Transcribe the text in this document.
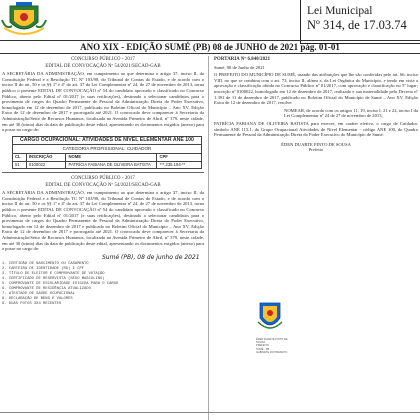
Lei Municipal
Nº 314, de 17.03.74
ANO XIX - EDIÇÃO SUMÉ (PB) 08 de JUNHO de 2021 pág. 01-01
CONCURSO PÚBLICO - 2017
EDITAL DE CONVOCAÇÃO Nº 54/2021/SECAD-GAB

A SECRETÁRIA DA ADMINISTRAÇÃO, em cumprimento ao que determina o artigo 37, inciso II, da Constituição Federal e a Resolução TC Nº 103/98, do Tribunal de Contas do Estado, e de acordo com o inciso II do art. 50 e os §§ 1º e 4º do art. 37 da Lei Complementar nº 24, de 27 de novembro de 2013, torna público o presente EDITAL DE CONVOCAÇÃO nº 54 do candidato aprovado e classificado no Concurso Público, aberto pelo Edital nº 01/2017 (e suas retificações), destinado a selecionar candidatos para o provimento de cargos do Quadro Permanente de Pessoal da Administração Direta do Poder Executivo, homologado em 12 de dezembro de 2017, publicado no Boletim Oficial do Município – Ano XV, Edição Extra de 12 de dezembro de 2017 e prorrogado até 2021. O convocado deve comparecer à Secretaria da Administração/Setor de Recursos Humanos, localizada na Avenida Primeiro de Abril, nº 379, neste cidade, em até 30 (trinta) dias da data de publicação deste edital, apresentando os documentos exigidos (anexo) para a posse no cargo de:

CARGO OCUPACIONAL: ATIVIDADES DE NÍVEL ELEMENTAR ANE 100
CATEGORIA PROFISSIONAL: CUIDADOR
CL	INSCRIÇÃO	NOME	CPF
51	0100022	PATRÍCIA FABIANA DE OLIVEIRA BATISTA	***.235.194-**
CONCURSO PÚBLICO - 2017
EDITAL DE CONVOCAÇÃO Nº 54/2021/SECAD-GAB

A SECRETÁRIA DA ADMINISTRAÇÃO, em cumprimento ao que determina o artigo 37, inciso II, da Constituição Federal e a Resolução TC Nº 103/98, do Tribunal de Contas do Estado, e de acordo com o inciso II do art. 50 e os §§ 1º e 4º do art. 37 da Lei Complementar nº 24, de 27 de novembro de 2013, torna público o presente EDITAL DE CONVOCAÇÃO nº 54 do candidato aprovado e classificado no Concurso Público, aberto pelo Edital nº 01/2017 (e suas retificações), destinado a selecionar candidatos para o provimento de cargos do Quadro Permanente de Pessoal da Administração Direta do Poder Executivo, homologado em 12 de dezembro de 2017 e publicado no Boletim Oficial do Município – Ano XV, Edição Extra de 12 de dezembro de 2017 e prorrogado até 2021. O convocado deve comparecer à Secretaria da Administração/Setor de Recursos Humanos, localizada na Avenida Primeiro de Abril, nº 379, neste cidade, em até 30 (trinta) dias da data de publicação deste edital, apresentando os documentos exigidos (anexo) para a posse no cargo de:

Sumé (PB), 08 de junho de 2021
1. CERTIDÃO DE NASCIMENTO OU CASAMENTO
2. CARTEIRA DE IDENTIDADE (RG) E CPF
3. TÍTULO DE ELEITOR E COMPROVANTE DE VOTAÇÃO
4. CERTIFICADO DE RESERVISTA (SEXO MASCULINO)
5. COMPROVANTE DE ESCOLARIDADE EXIGIDA PARA O CARGO
6. COMPROVANTE DE RESIDÊNCIA ATUALIZADO
7. ATESTADO DE SAÚDE OCUPACIONAL
8. DECLARAÇÃO DE BENS E VALORES
9. DUAS FOTOS 3X4 RECENTES
PORTARIA Nº 6.840/2021
Sumé, 08 de Junho de 2021

O PREFEITO DO MUNICÍPIO DE SUMÉ, usando das atribuições que lhe são conferidas pelo art. 66, inciso VIII, no que se combina com o art. 73, inciso II, alínea a, da Lei Orgânica do Município, e tendo em vista a aprovação e classificação obtida no Concurso Público nº 01/2017, com aprovação e classificação no 5º lugar; inscrição nº 0100022, homologado em 12 de dezembro de 2017, realizado e sua materialidade pelo Decreto nº 1.391 de 11 de dezembro de 2017, publicado no Boletim Oficial do Município de Sumé – Ano XV, Edição Extra de 12 de dezembro de 2017, resolve:

NOMEAR, de acordo com os artigos 11, 19, inciso I, 21 e 22, inciso I da Lei Complementar nº 24 de 27 de novembro de 2013,

PATRÍCIA FABIANA DE OLIVEIRA BATISTA para exercer, em caráter efetivo, o cargo de Cuidador, símbolo ANE 115.1, do Grupo Ocupacional Atividades de Nível Elementar - código ANE 100, do Quadro Permanente de Pessoal da Administração Direta do Poder Executivo do Município de Sumé.

ÉDEN DUARTE PINTO DE SOUSA
Prefeito
ÉDEN DUARTE PINTO DE SOUSA
PREFEITO
SUMÉ - PB
GABINETE DO PREFEITO
